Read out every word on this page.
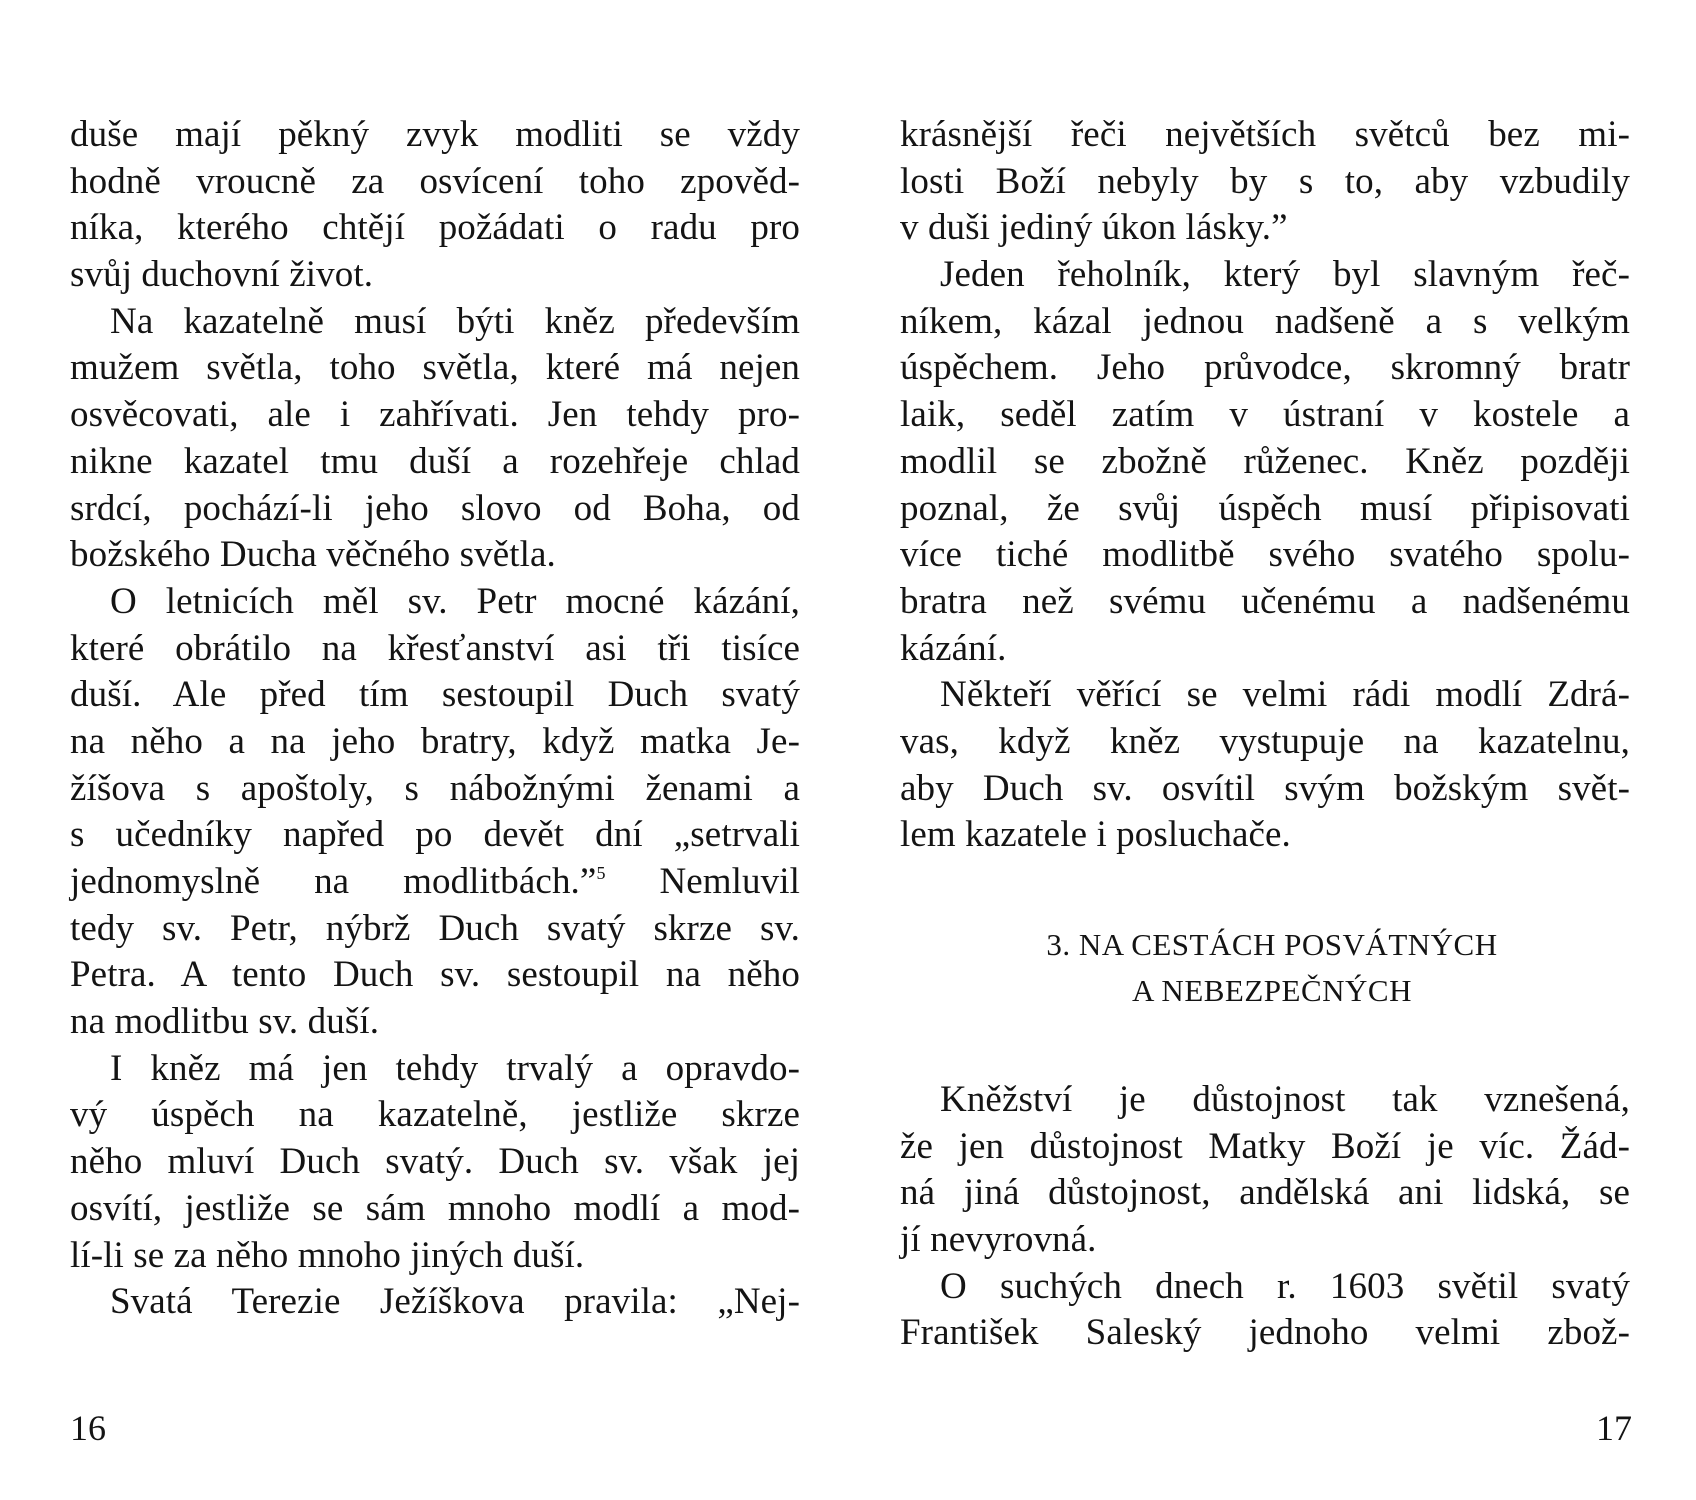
duše mají pěkný zvyk modliti se vždy
hodně vroucně za osvícení toho zpověd-
níka, kterého chtějí požádati o radu pro
svůj duchovní život.
Na kazatelně musí býti kněz především
mužem světla, toho světla, které má nejen
osvěcovati, ale i zahřívati. Jen tehdy pro-
nikne kazatel tmu duší a rozehřeje chlad
srdcí, pochází-li jeho slovo od Boha, od
božského Ducha věčného světla.
O letnicích měl sv. Petr mocné kázání,
které obrátilo na křesťanství asi tři tisíce
duší. Ale před tím sestoupil Duch svatý
na něho a na jeho bratry, když matka Je-
žíšova s apoštoly, s nábožnými ženami a
s učedníky napřed po devět dní „setrvali
jednomyslně na modlitbách.”$^5$ Nemluvil
tedy sv. Petr, nýbrž Duch svatý skrze sv.
Petra. A tento Duch sv. sestoupil na něho
na modlitbu sv. duší.
I kněz má jen tehdy trvalý a opravdo-
vý úspěch na kazatelně, jestliže skrze
něho mluví Duch svatý. Duch sv. však jej
osvítí, jestliže se sám mnoho modlí a mod-
lí-li se za něho mnoho jiných duší.
Svatá Terezie Ježíškova pravila: „Nej-
16
krásnější řeči největších světců bez mi-
losti Boží nebyly by s to, aby vzbudily
v duši jediný úkon lásky.”
Jeden řeholník, který byl slavným řeč-
níkem, kázal jednou nadšeně a s velkým
úspěchem. Jeho průvodce, skromný bratr
laik, seděl zatím v ústraní v kostele a
modlil se zbožně růženec. Kněz později
poznal, že svůj úspěch musí připisovati
více tiché modlitbě svého svatého spolu-
bratra než svému učenému a nadšenému
kázání.
Někteří věřící se velmi rádi modlí Zdrá-
vas, když kněz vystupuje na kazatelnu,
aby Duch sv. osvítil svým božským svět-
lem kazatele i posluchače.
3. NA CESTÁCH POSVÁTNÝCH
A NEBEZPEČNÝCH
Kněžství je důstojnost tak vznešená,
že jen důstojnost Matky Boží je víc. Žád-
ná jiná důstojnost, andělská ani lidská, se
jí nevyrovná.
O suchých dnech r. 1603 světil svatý
František Saleský jednoho velmi zbož-
17
